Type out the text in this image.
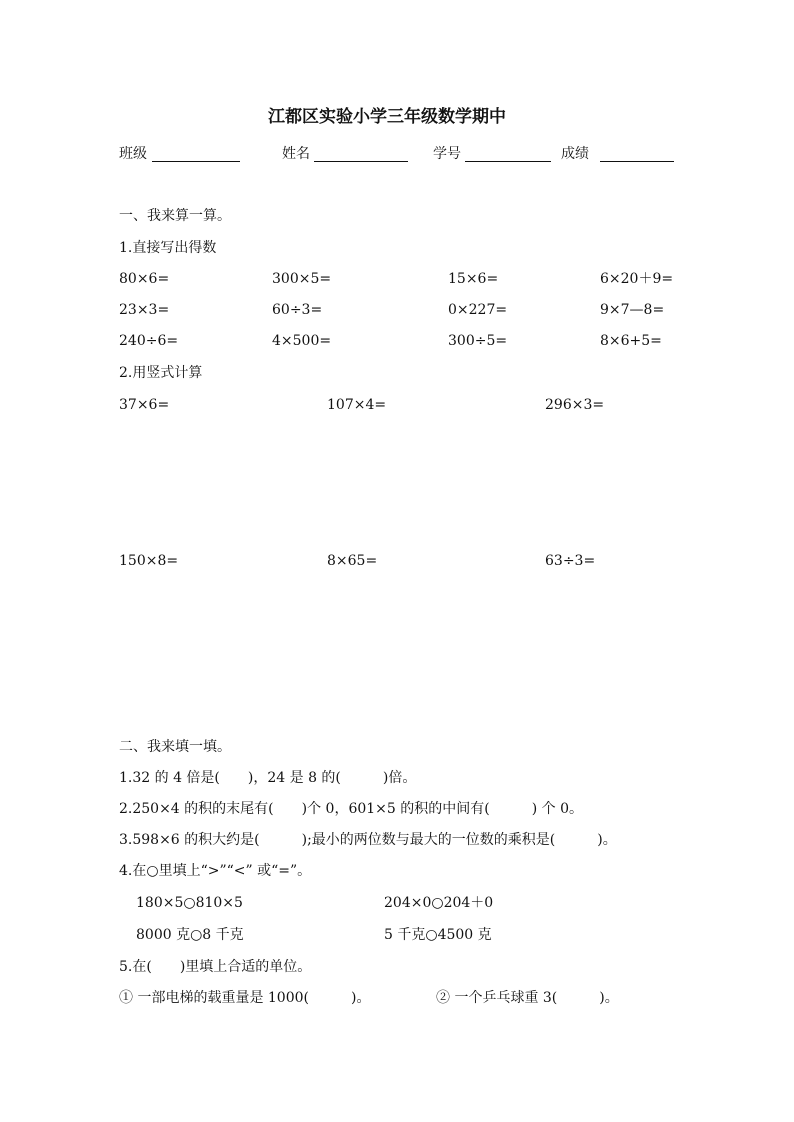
江都区实验小学三年级数学期中
班级	姓名	学号	成绩
一、我来算一算。
1.直接写出得数
80×6=	300×5=	15×6=	6×20＋9=
23×3=	60÷3=	0×227=	9×7—8=
240÷6=	4×500=	300÷5=	8×6+5=
2.用竖式计算
37×6=	107×4=	296×3=
150×8=	8×65=	63÷3=
二、我来填一填。
1.32 的 4 倍是(　　)，24 是 8 的(　　　)倍。
2.250×4 的积的末尾有(　　)个 0，601×5 的积的中间有(　　　) 个 0。
3.598×6 的积大约是(　　　);最小的两位数与最大的一位数的乘积是(　　　)。
4.在○里填上“>”“<” 或“=”。
180×5○810×5	204×0○204＋0
8000 克○8 千克	5 千克○4500 克
5.在(　　)里填上合适的单位。
① 一部电梯的载重量是 1000(　　　)。	② 一个乒乓球重 3(　　　)。
